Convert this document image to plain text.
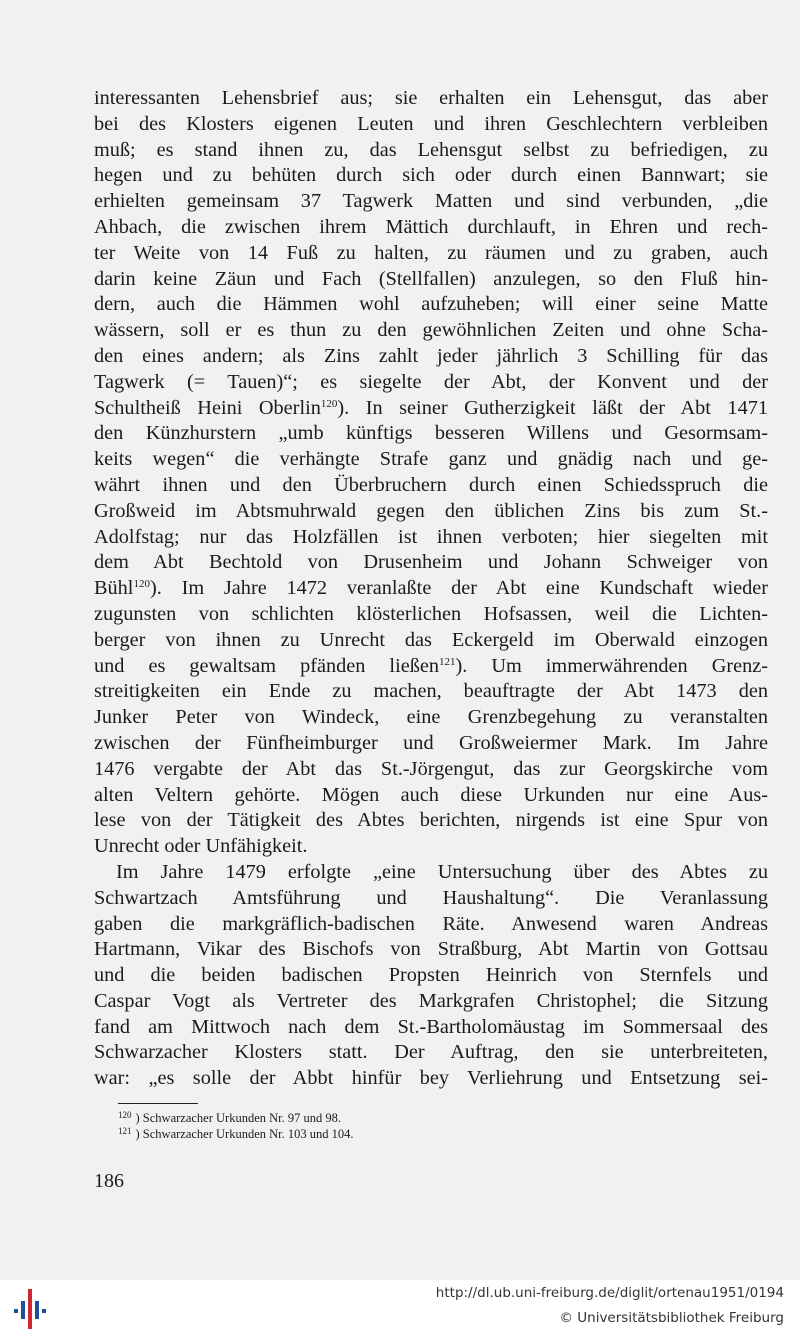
interessanten Lehensbrief aus; sie erhalten ein Lehensgut, das aber
bei des Klosters eigenen Leuten und ihren Geschlechtern verbleiben
muß; es stand ihnen zu, das Lehensgut selbst zu befriedigen, zu
hegen und zu behüten durch sich oder durch einen Bannwart; sie
erhielten gemeinsam 37 Tagwerk Matten und sind verbunden, „die
Ahbach, die zwischen ihrem Mättich durchlauft, in Ehren und rech-
ter Weite von 14 Fuß zu halten, zu räumen und zu graben, auch
darin keine Zäun und Fach (Stellfallen) anzulegen, so den Fluß hin-
dern, auch die Hämmen wohl aufzuheben; will einer seine Matte
wässern, soll er es thun zu den gewöhnlichen Zeiten und ohne Scha-
den eines andern; als Zins zahlt jeder jährlich 3 Schilling für das
Tagwerk (= Tauen)“; es siegelte der Abt, der Konvent und der
Schultheiß Heini Oberlin$^{120}$). In seiner Gutherzigkeit läßt der Abt 1471
den Künzhurstern „umb künftigs besseren Willens und Gesormsam-
keits wegen“ die verhängte Strafe ganz und gnädig nach und ge-
währt ihnen und den Überbruchern durch einen Schiedsspruch die
Großweid im Abtsmuhrwald gegen den üblichen Zins bis zum St.-
Adolfstag; nur das Holzfällen ist ihnen verboten; hier siegelten mit
dem Abt Bechtold von Drusenheim und Johann Schweiger von
Bühl$^{120}$). Im Jahre 1472 veranlaßte der Abt eine Kundschaft wieder
zugunsten von schlichten klösterlichen Hofsassen, weil die Lichten-
berger von ihnen zu Unrecht das Eckergeld im Oberwald einzogen
und es gewaltsam pfänden ließen$^{121}$). Um immerwährenden Grenz-
streitigkeiten ein Ende zu machen, beauftragte der Abt 1473 den
Junker Peter von Windeck, eine Grenzbegehung zu veranstalten
zwischen der Fünfheimburger und Großweiermer Mark. Im Jahre
1476 vergabte der Abt das St.-Jörgengut, das zur Georgskirche vom
alten Veltern gehörte. Mögen auch diese Urkunden nur eine Aus-
lese von der Tätigkeit des Abtes berichten, nirgends ist eine Spur von
Unrecht oder Unfähigkeit.
Im Jahre 1479 erfolgte „eine Untersuchung über des Abtes zu
Schwartzach Amtsführung und Haushaltung“. Die Veranlassung
gaben die markgräflich-badischen Räte. Anwesend waren Andreas
Hartmann, Vikar des Bischofs von Straßburg, Abt Martin von Gottsau
und die beiden badischen Propsten Heinrich von Sternfels und
Caspar Vogt als Vertreter des Markgrafen Christophel; die Sitzung
fand am Mittwoch nach dem St.-Bartholomäustag im Sommersaal des
Schwarzacher Klosters statt. Der Auftrag, den sie unterbreiteten,
war: „es solle der Abbt hinfür bey Verliehrung und Entsetzung sei-
$^{120}$ ) Schwarzacher Urkunden Nr. 97 und 98.
$^{121}$ ) Schwarzacher Urkunden Nr. 103 und 104.
186
http://dl.ub.uni-freiburg.de/diglit/ortenau1951/0194
© Universitätsbibliothek Freiburg
